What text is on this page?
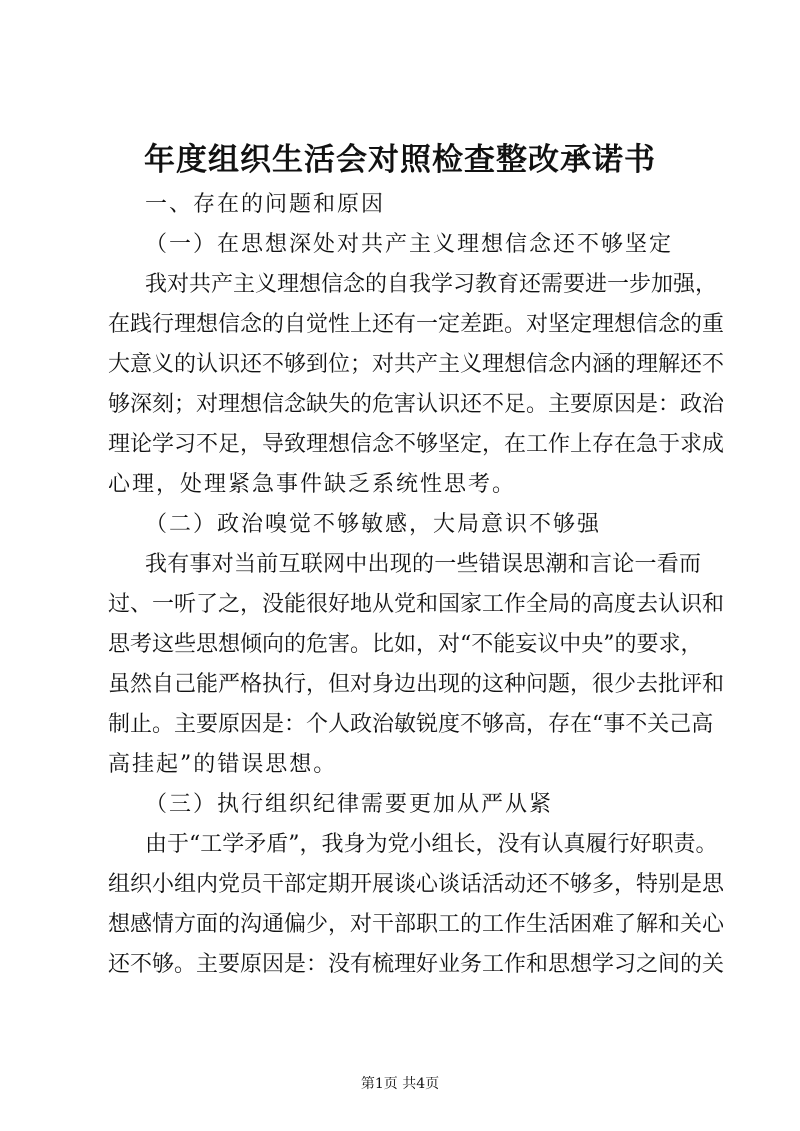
年度组织生活会对照检查整改承诺书
一、存在的问题和原因
（一）在思想深处对共产主义理想信念还不够坚定
我对共产主义理想信念的自我学习教育还需要进一步加强，
在践行理想信念的自觉性上还有一定差距。对坚定理想信念的重
大意义的认识还不够到位；对共产主义理想信念内涵的理解还不
够深刻；对理想信念缺失的危害认识还不足。主要原因是：政治
理论学习不足，导致理想信念不够坚定，在工作上存在急于求成
心理，处理紧急事件缺乏系统性思考。
（二）政治嗅觉不够敏感，大局意识不够强
我有事对当前互联网中出现的一些错误思潮和言论一看而
过、一听了之，没能很好地从党和国家工作全局的高度去认识和
思考这些思想倾向的危害。比如，对“不能妄议中央”的要求，
虽然自己能严格执行，但对身边出现的这种问题，很少去批评和
制止。主要原因是：个人政治敏锐度不够高，存在“事不关己高
高挂起”的错误思想。
（三）执行组织纪律需要更加从严从紧
由于“工学矛盾”，我身为党小组长，没有认真履行好职责。
组织小组内党员干部定期开展谈心谈话活动还不够多，特别是思
想感情方面的沟通偏少，对干部职工的工作生活困难了解和关心
还不够。主要原因是：没有梳理好业务工作和思想学习之间的关
第1页 共4页
